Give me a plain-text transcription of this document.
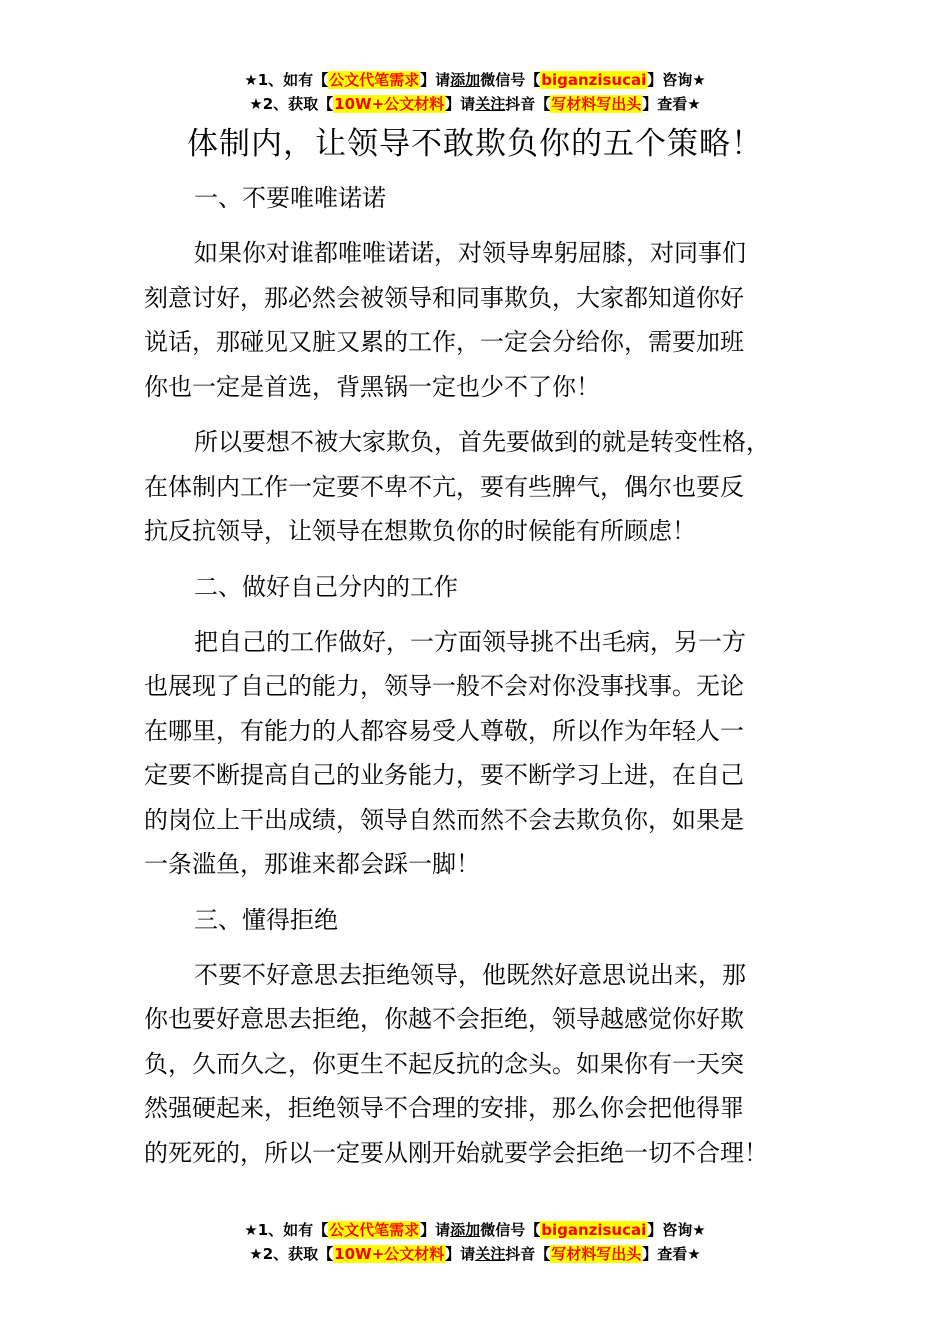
★1、如有【公文代笔需求】请添加微信号【biganzisucai】咨询★
★2、获取【10W+公文材料】请关注抖音【写材料写出头】查看★
体制内，让领导不敢欺负你的五个策略！
一、不要唯唯诺诺
如果你对谁都唯唯诺诺，对领导卑躬屈膝，对同事们
刻意讨好，那必然会被领导和同事欺负，大家都知道你好
说话，那碰见又脏又累的工作，一定会分给你，需要加班
你也一定是首选，背黑锅一定也少不了你！
所以要想不被大家欺负，首先要做到的就是转变性格，
在体制内工作一定要不卑不亢，要有些脾气，偶尔也要反
抗反抗领导，让领导在想欺负你的时候能有所顾虑！
二、做好自己分内的工作
把自己的工作做好，一方面领导挑不出毛病，另一方
也展现了自己的能力，领导一般不会对你没事找事。无论
在哪里，有能力的人都容易受人尊敬，所以作为年轻人一
定要不断提高自己的业务能力，要不断学习上进，在自己
的岗位上干出成绩，领导自然而然不会去欺负你，如果是
一条滥鱼，那谁来都会踩一脚！
三、懂得拒绝
不要不好意思去拒绝领导，他既然好意思说出来，那
你也要好意思去拒绝，你越不会拒绝，领导越感觉你好欺
负，久而久之，你更生不起反抗的念头。如果你有一天突
然强硬起来，拒绝领导不合理的安排，那么你会把他得罪
的死死的，所以一定要从刚开始就要学会拒绝一切不合理！
★1、如有【公文代笔需求】请添加微信号【biganzisucai】咨询★
★2、获取【10W+公文材料】请关注抖音【写材料写出头】查看★
